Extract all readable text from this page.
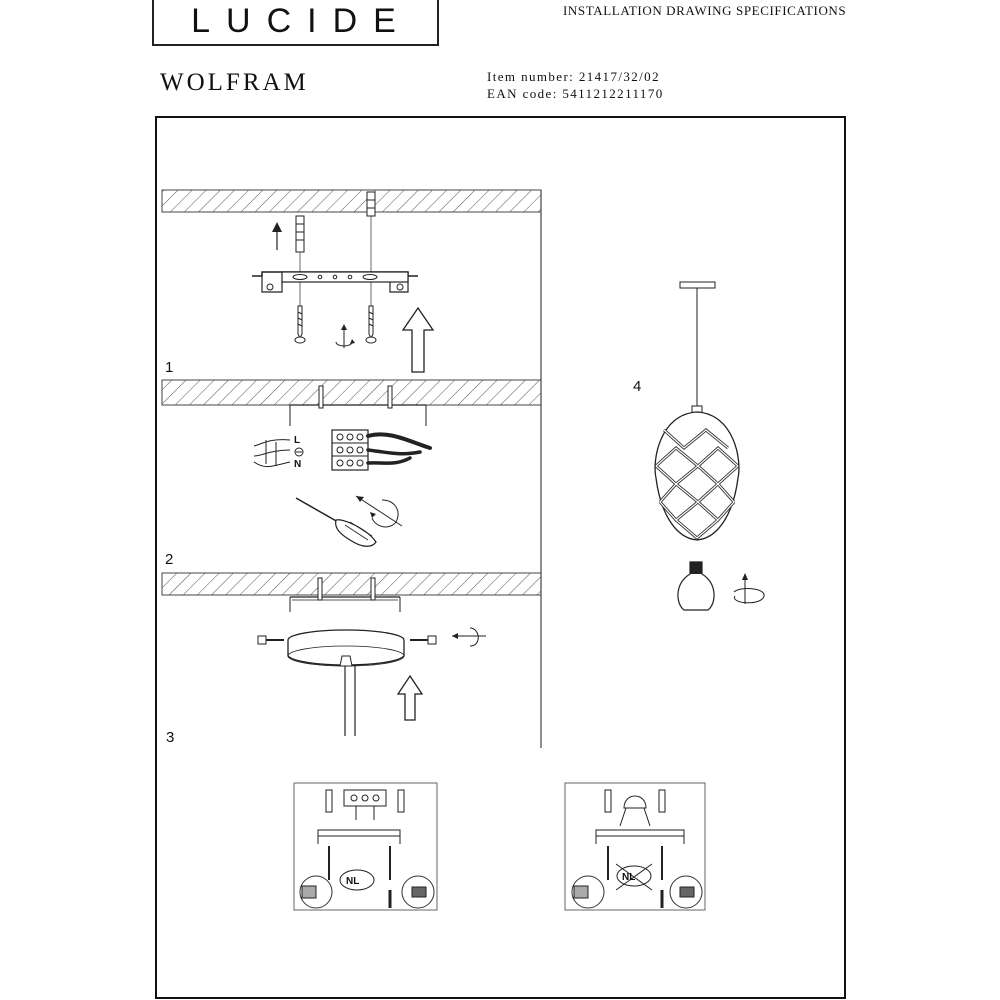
LUCIDE	INSTALLATION DRAWING SPECIFICATIONS
WOLFRAM	Item number: 21417/32/02
EAN code: 5411212211170
1
L
N
2
3
4
NL	NL
